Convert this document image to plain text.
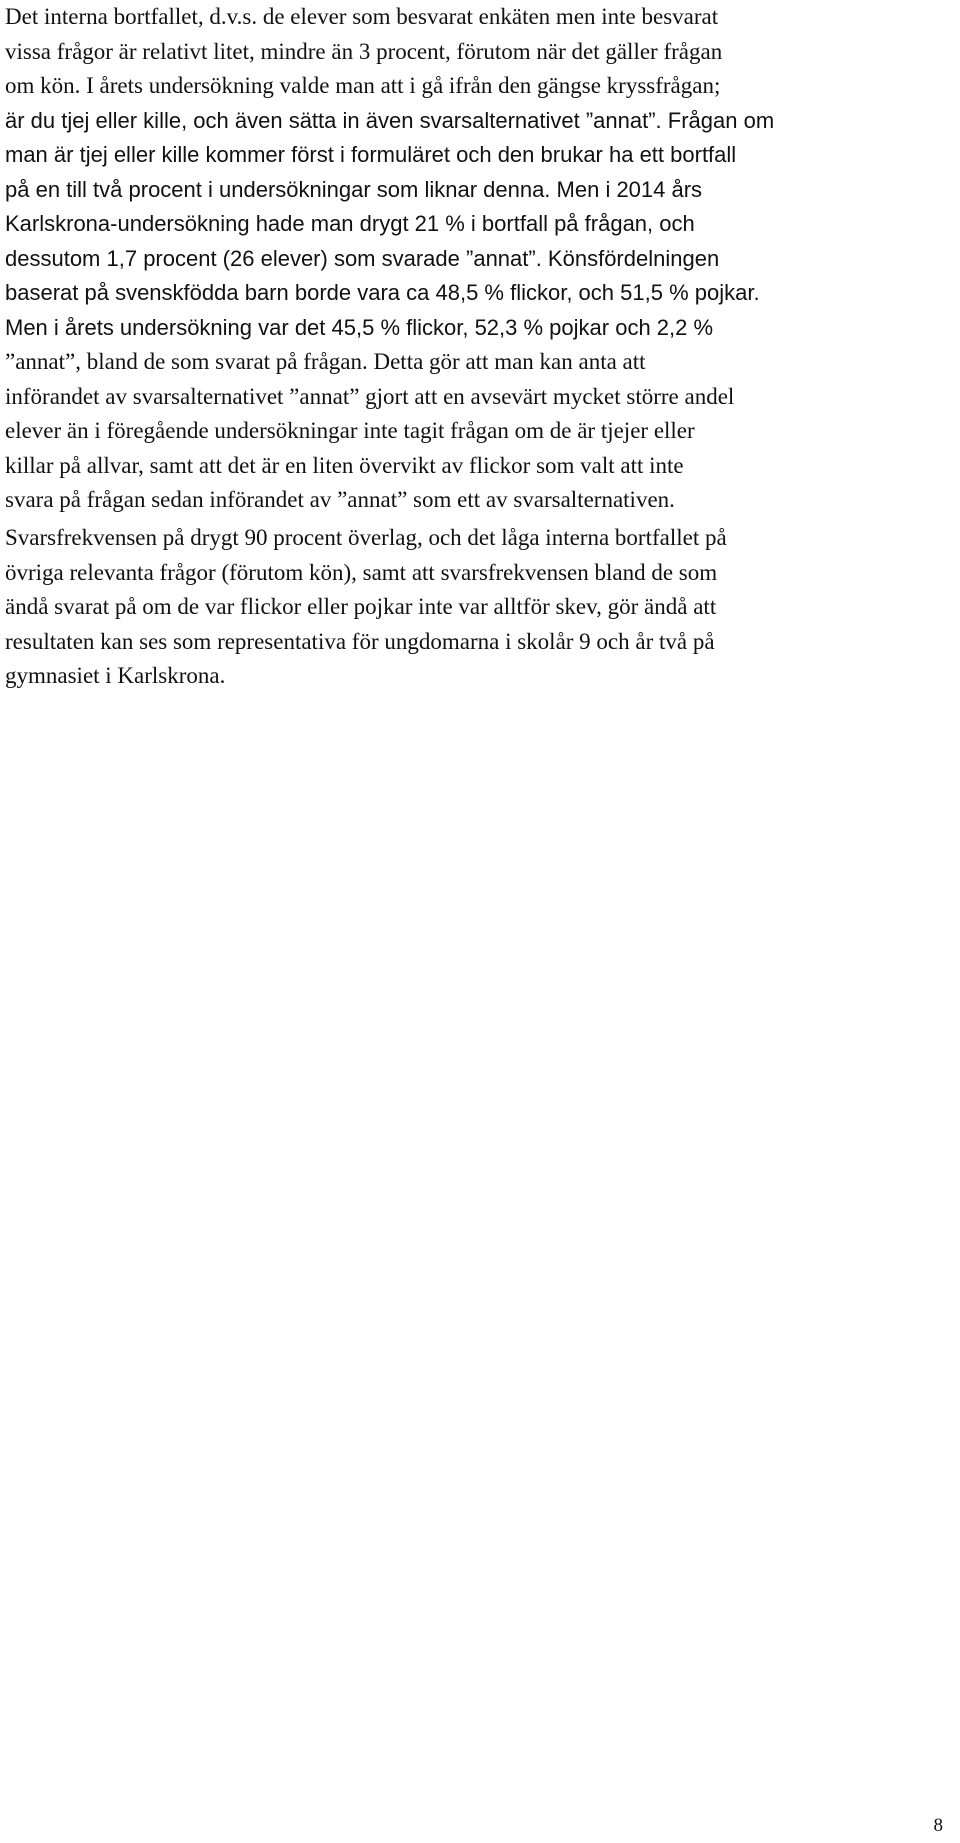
Det interna bortfallet, d.v.s. de elever som besvarat enkäten men inte besvarat
vissa frågor är relativt litet, mindre än 3 procent, förutom när det gäller frågan
om kön. I årets undersökning valde man att i gå ifrån den gängse kryssfrågan;
är du tjej eller kille, och även sätta in även svarsalternativet ”annat”. Frågan om
man är tjej eller kille kommer först i formuläret och den brukar ha ett bortfall
på en till två procent i undersökningar som liknar denna. Men i 2014 års
Karlskrona-undersökning hade man drygt 21 % i bortfall på frågan, och
dessutom 1,7 procent (26 elever) som svarade ”annat”. Könsfördelningen
baserat på svenskfödda barn borde vara ca 48,5 % flickor, och 51,5 % pojkar.
Men i årets undersökning var det 45,5 % flickor, 52,3 % pojkar och 2,2 %
”annat”, bland de som svarat på frågan. Detta gör att man kan anta att
införandet av svarsalternativet ”annat” gjort att en avsevärt mycket större andel
elever än i föregående undersökningar inte tagit frågan om de är tjejer eller
killar på allvar, samt att det är en liten övervikt av flickor som valt att inte
svara på frågan sedan införandet av ”annat” som ett av svarsalternativen.

Svarsfrekvensen på drygt 90 procent överlag, och det låga interna bortfallet på
övriga relevanta frågor (förutom kön), samt att svarsfrekvensen bland de som
ändå svarat på om de var flickor eller pojkar inte var alltför skev, gör ändå att
resultaten kan ses som representativa för ungdomarna i skolår 9 och år två på
gymnasiet i Karlskrona.

8
